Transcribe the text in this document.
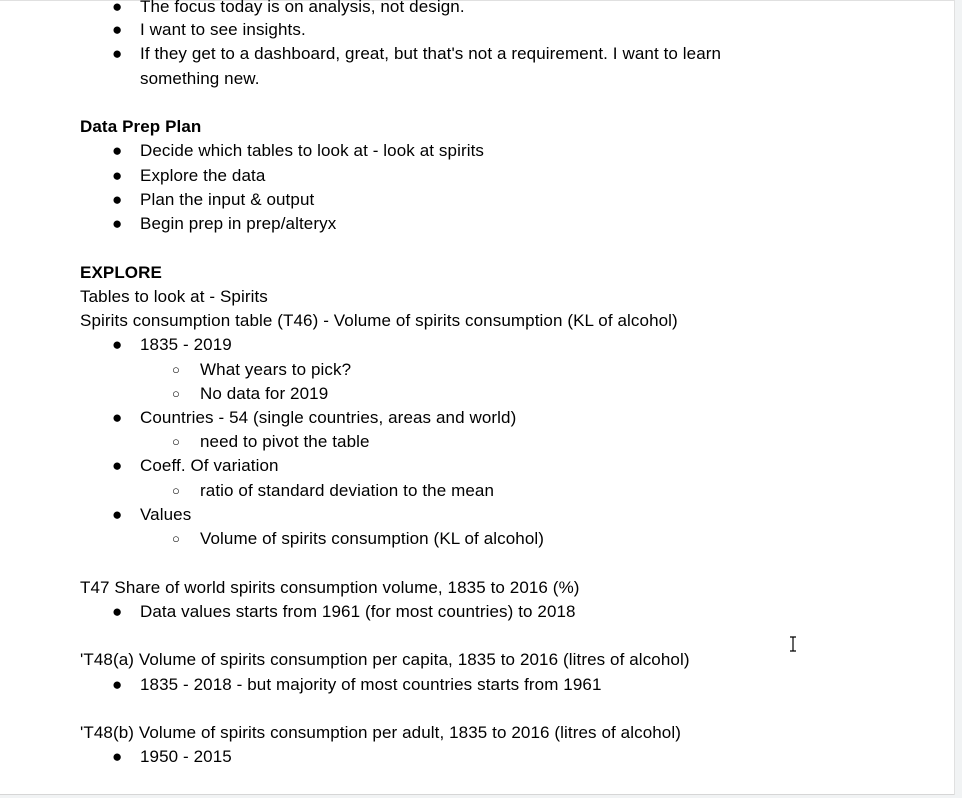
●	The focus today is on analysis, not design.
●	I want to see insights.
●	If they get to a dashboard, great, but that's not a requirement. I want to learn
something new.
Data Prep Plan
●	Decide which tables to look at - look at spirits
●	Explore the data
●	Plan the input & output
●	Begin prep in prep/alteryx
EXPLORE
Tables to look at - Spirits
Spirits consumption table (T46) - Volume of spirits consumption (KL of alcohol)
●	1835 - 2019
○	What years to pick?
○	No data for 2019
●	Countries - 54 (single countries, areas and world)
○	need to pivot the table
●	Coeff. Of variation
○	ratio of standard deviation to the mean
●	Values
○	Volume of spirits consumption (KL of alcohol)
T47 Share of world spirits consumption volume, 1835 to 2016 (%)
●	Data values starts from 1961 (for most countries) to 2018
'T48(a) Volume of spirits consumption per capita, 1835 to 2016 (litres of alcohol)
●	1835 - 2018 - but majority of most countries starts from 1961
'T48(b) Volume of spirits consumption per adult, 1835 to 2016 (litres of alcohol)
●	1950 - 2015
